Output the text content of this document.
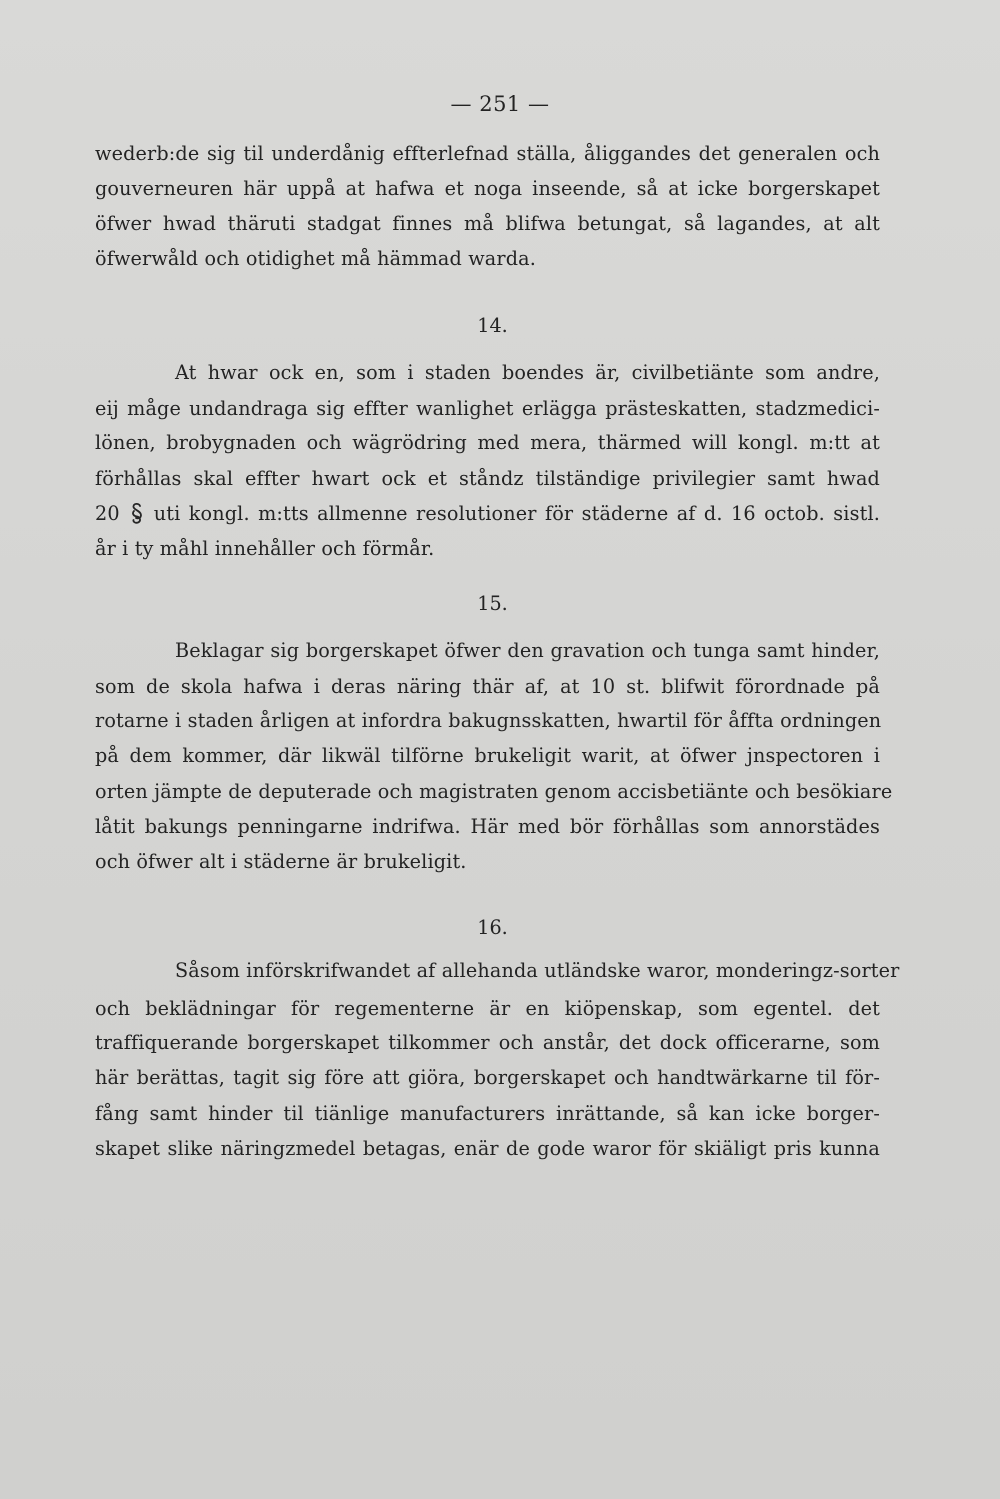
— 251 —
wederb:de sig til underdånig effterlefnad ställa, åliggandes det generalen och
gouverneuren här uppå at hafwa et noga inseende, så at icke borgerskapet
öfwer hwad thäruti stadgat finnes må blifwa betungat, så lagandes, at alt
öfwerwåld och otidighet må hämmad warda.
14.
At hwar ock en, som i staden boendes är, civilbetiänte som andre,
eij måge undandraga sig effter wanlighet erlägga prästeskatten, stadzmedici-
lönen, brobygnaden och wägrödring med mera, thärmed will kongl. m:tt at
förhållas skal effter hwart ock et ståndz tilständige privilegier samt hwad
20	uti kongl. m:tts allmenne resolutioner för städerne af d. 16 octob. sistl.
år i ty måhl innehåller och förmår.
15.
Beklagar sig borgerskapet öfwer den gravation och tunga samt hinder,
som de skola hafwa i deras näring thär af, at 10 st. blifwit förordnade på
rotarne i staden årligen at infordra bakugnsskatten, hwartil för åffta ordningen
på dem kommer, där likwäl tilförne brukeligit warit, at öfwer jnspectoren i
orten jämpte de deputerade och magistraten genom accisbetiänte och besökiare
låtit bakungs penningarne indrifwa. Här med bör förhållas som annorstädes
och öfwer alt i städerne är brukeligit.
16.
Såsom införskrifwandet af allehanda utländske waror, monderingz-sorter
och beklädningar för regementerne är en kiöpenskap, som egentel. det
traffiquerande borgerskapet tilkommer och anstår, det dock officerarne, som
här berättas, tagit sig före att giöra, borgerskapet och handtwärkarne til för-
fång samt hinder til tiänlige manufacturers inrättande, så kan icke borger-
skapet slike näringzmedel betagas, enär de gode waror för skiäligt pris kunna
